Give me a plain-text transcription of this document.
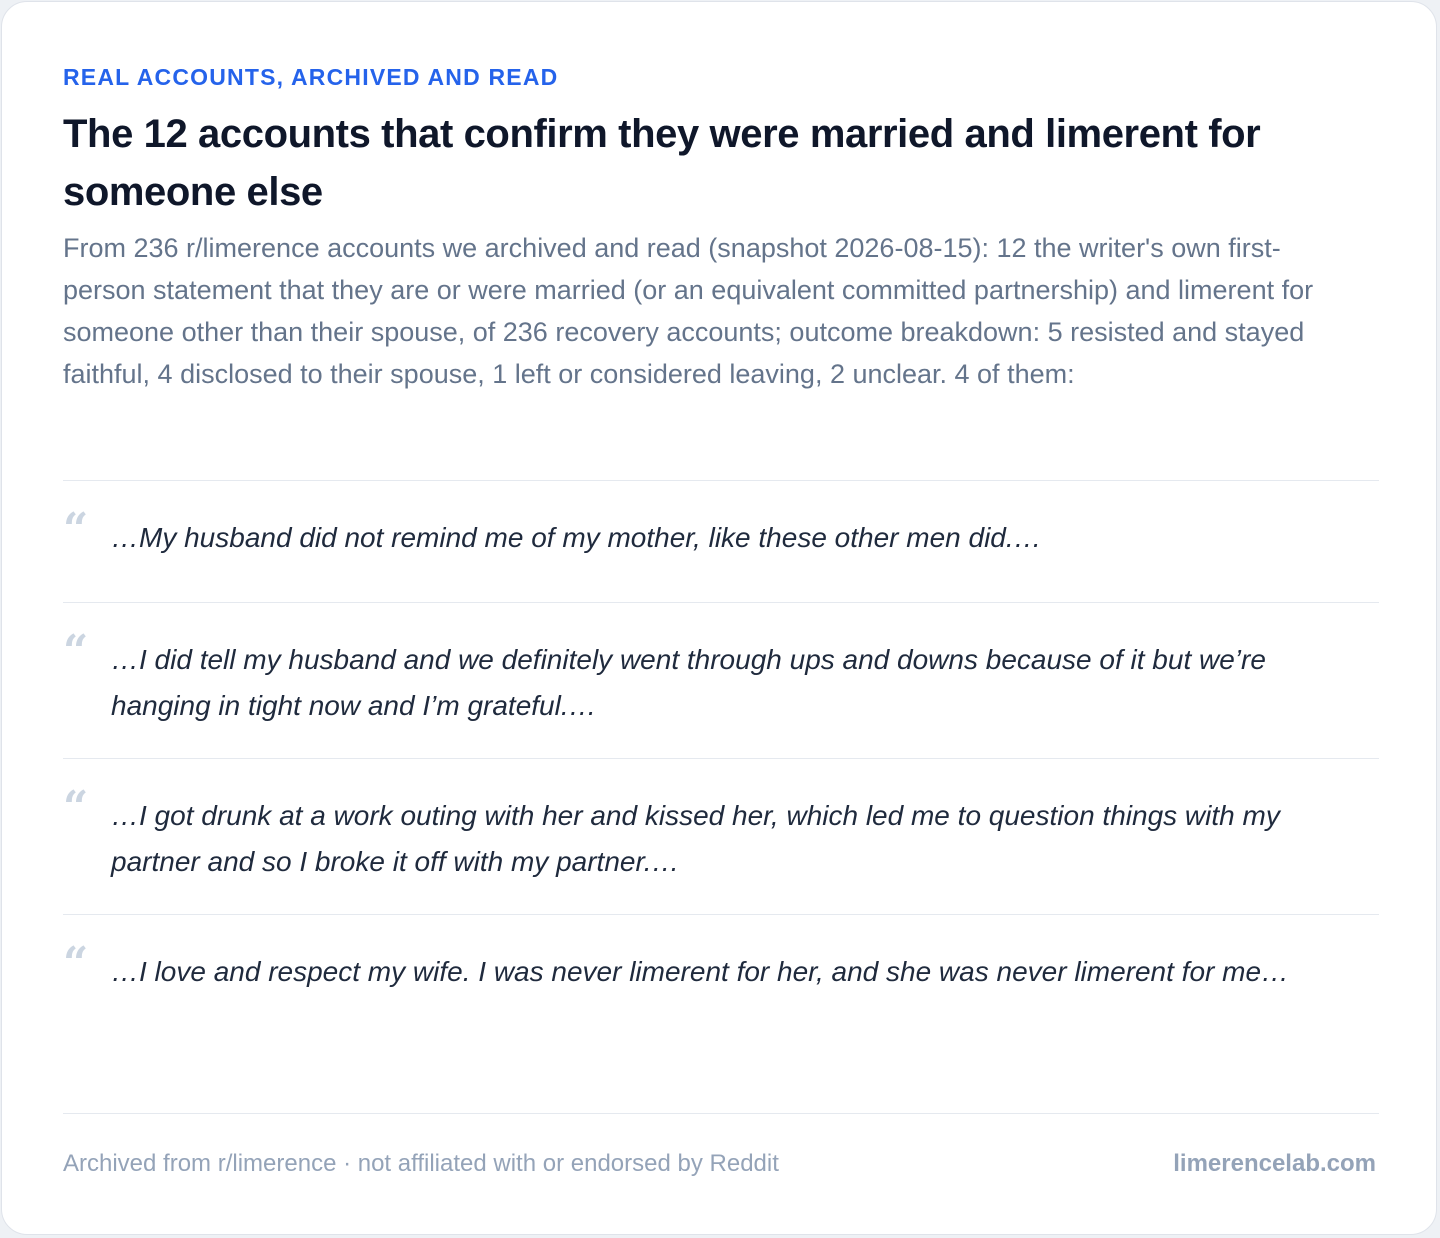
REAL ACCOUNTS, ARCHIVED AND READ

The 12 accounts that confirm they were married and limerent for someone else

From 236 r/limerence accounts we archived and read (snapshot 2026-08-15): 12 the writer's own first-person statement that they are or were married (or an equivalent committed partnership) and limerent for someone other than their spouse, of 236 recovery accounts; outcome breakdown: 5 resisted and stayed faithful, 4 disclosed to their spouse, 1 left or considered leaving, 2 unclear. 4 of them:

“ …My husband did not remind me of my mother, like these other men did.…

“ …I did tell my husband and we definitely went through ups and downs because of it but we’re hanging in tight now and I’m grateful.…

“ …I got drunk at a work outing with her and kissed her, which led me to question things with my partner and so I broke it off with my partner.…

“ …I love and respect my wife. I was never limerent for her, and she was never limerent for me…

Archived from r/limerence · not affiliated with or endorsed by Reddit	limerencelab.com
